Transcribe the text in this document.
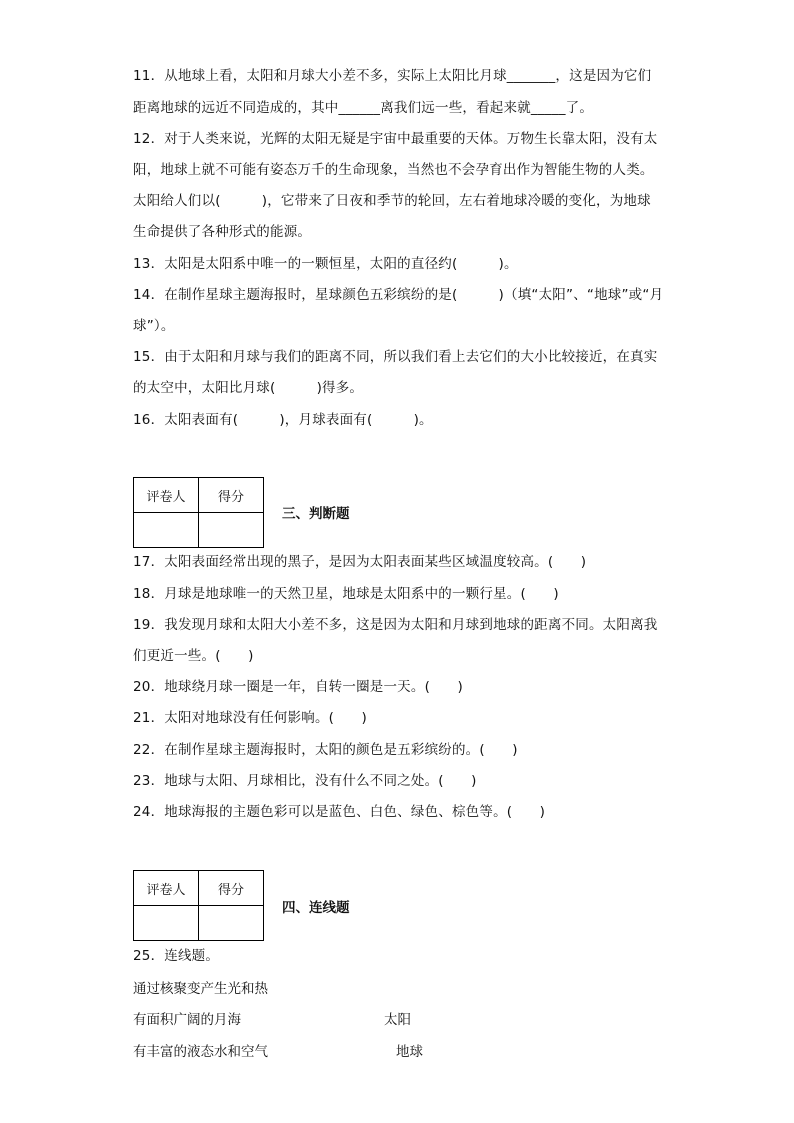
11．从地球上看，太阳和月球大小差不多，实际上太阳比月球_______，这是因为它们
距离地球的远近不同造成的，其中______离我们远一些，看起来就_____了。
12．对于人类来说，光辉的太阳无疑是宇宙中最重要的天体。万物生长靠太阳，没有太
阳，地球上就不可能有姿态万千的生命现象，当然也不会孕育出作为智能生物的人类。
太阳给人们以(　　　)，它带来了日夜和季节的轮回，左右着地球冷暖的变化，为地球
生命提供了各种形式的能源。
13．太阳是太阳系中唯一的一颗恒星，太阳的直径约(　　　)。
14．在制作星球主题海报时，星球颜色五彩缤纷的是(　　　)（填“太阳”、“地球”或“月
球”）。
15．由于太阳和月球与我们的距离不同，所以我们看上去它们的大小比较接近，在真实
的太空中，太阳比月球(　　　)得多。
16．太阳表面有(　　　)，月球表面有(　　　)。
评卷人	得分

三、判断题
17．太阳表面经常出现的黑子，是因为太阳表面某些区域温度较高。(　　)
18．月球是地球唯一的天然卫星，地球是太阳系中的一颗行星。(　　)
19．我发现月球和太阳大小差不多，这是因为太阳和月球到地球的距离不同。太阳离我
们更近一些。(　　)
20．地球绕月球一圈是一年，自转一圈是一天。(　　)
21．太阳对地球没有任何影响。(　　)
22．在制作星球主题海报时，太阳的颜色是五彩缤纷的。(　　)
23．地球与太阳、月球相比，没有什么不同之处。(　　)
24．地球海报的主题色彩可以是蓝色、白色、绿色、棕色等。(　　)
评卷人	得分

四、连线题
25．连线题。
通过核聚变产生光和热
有面积广阔的月海	太阳
有丰富的液态水和空气	地球
